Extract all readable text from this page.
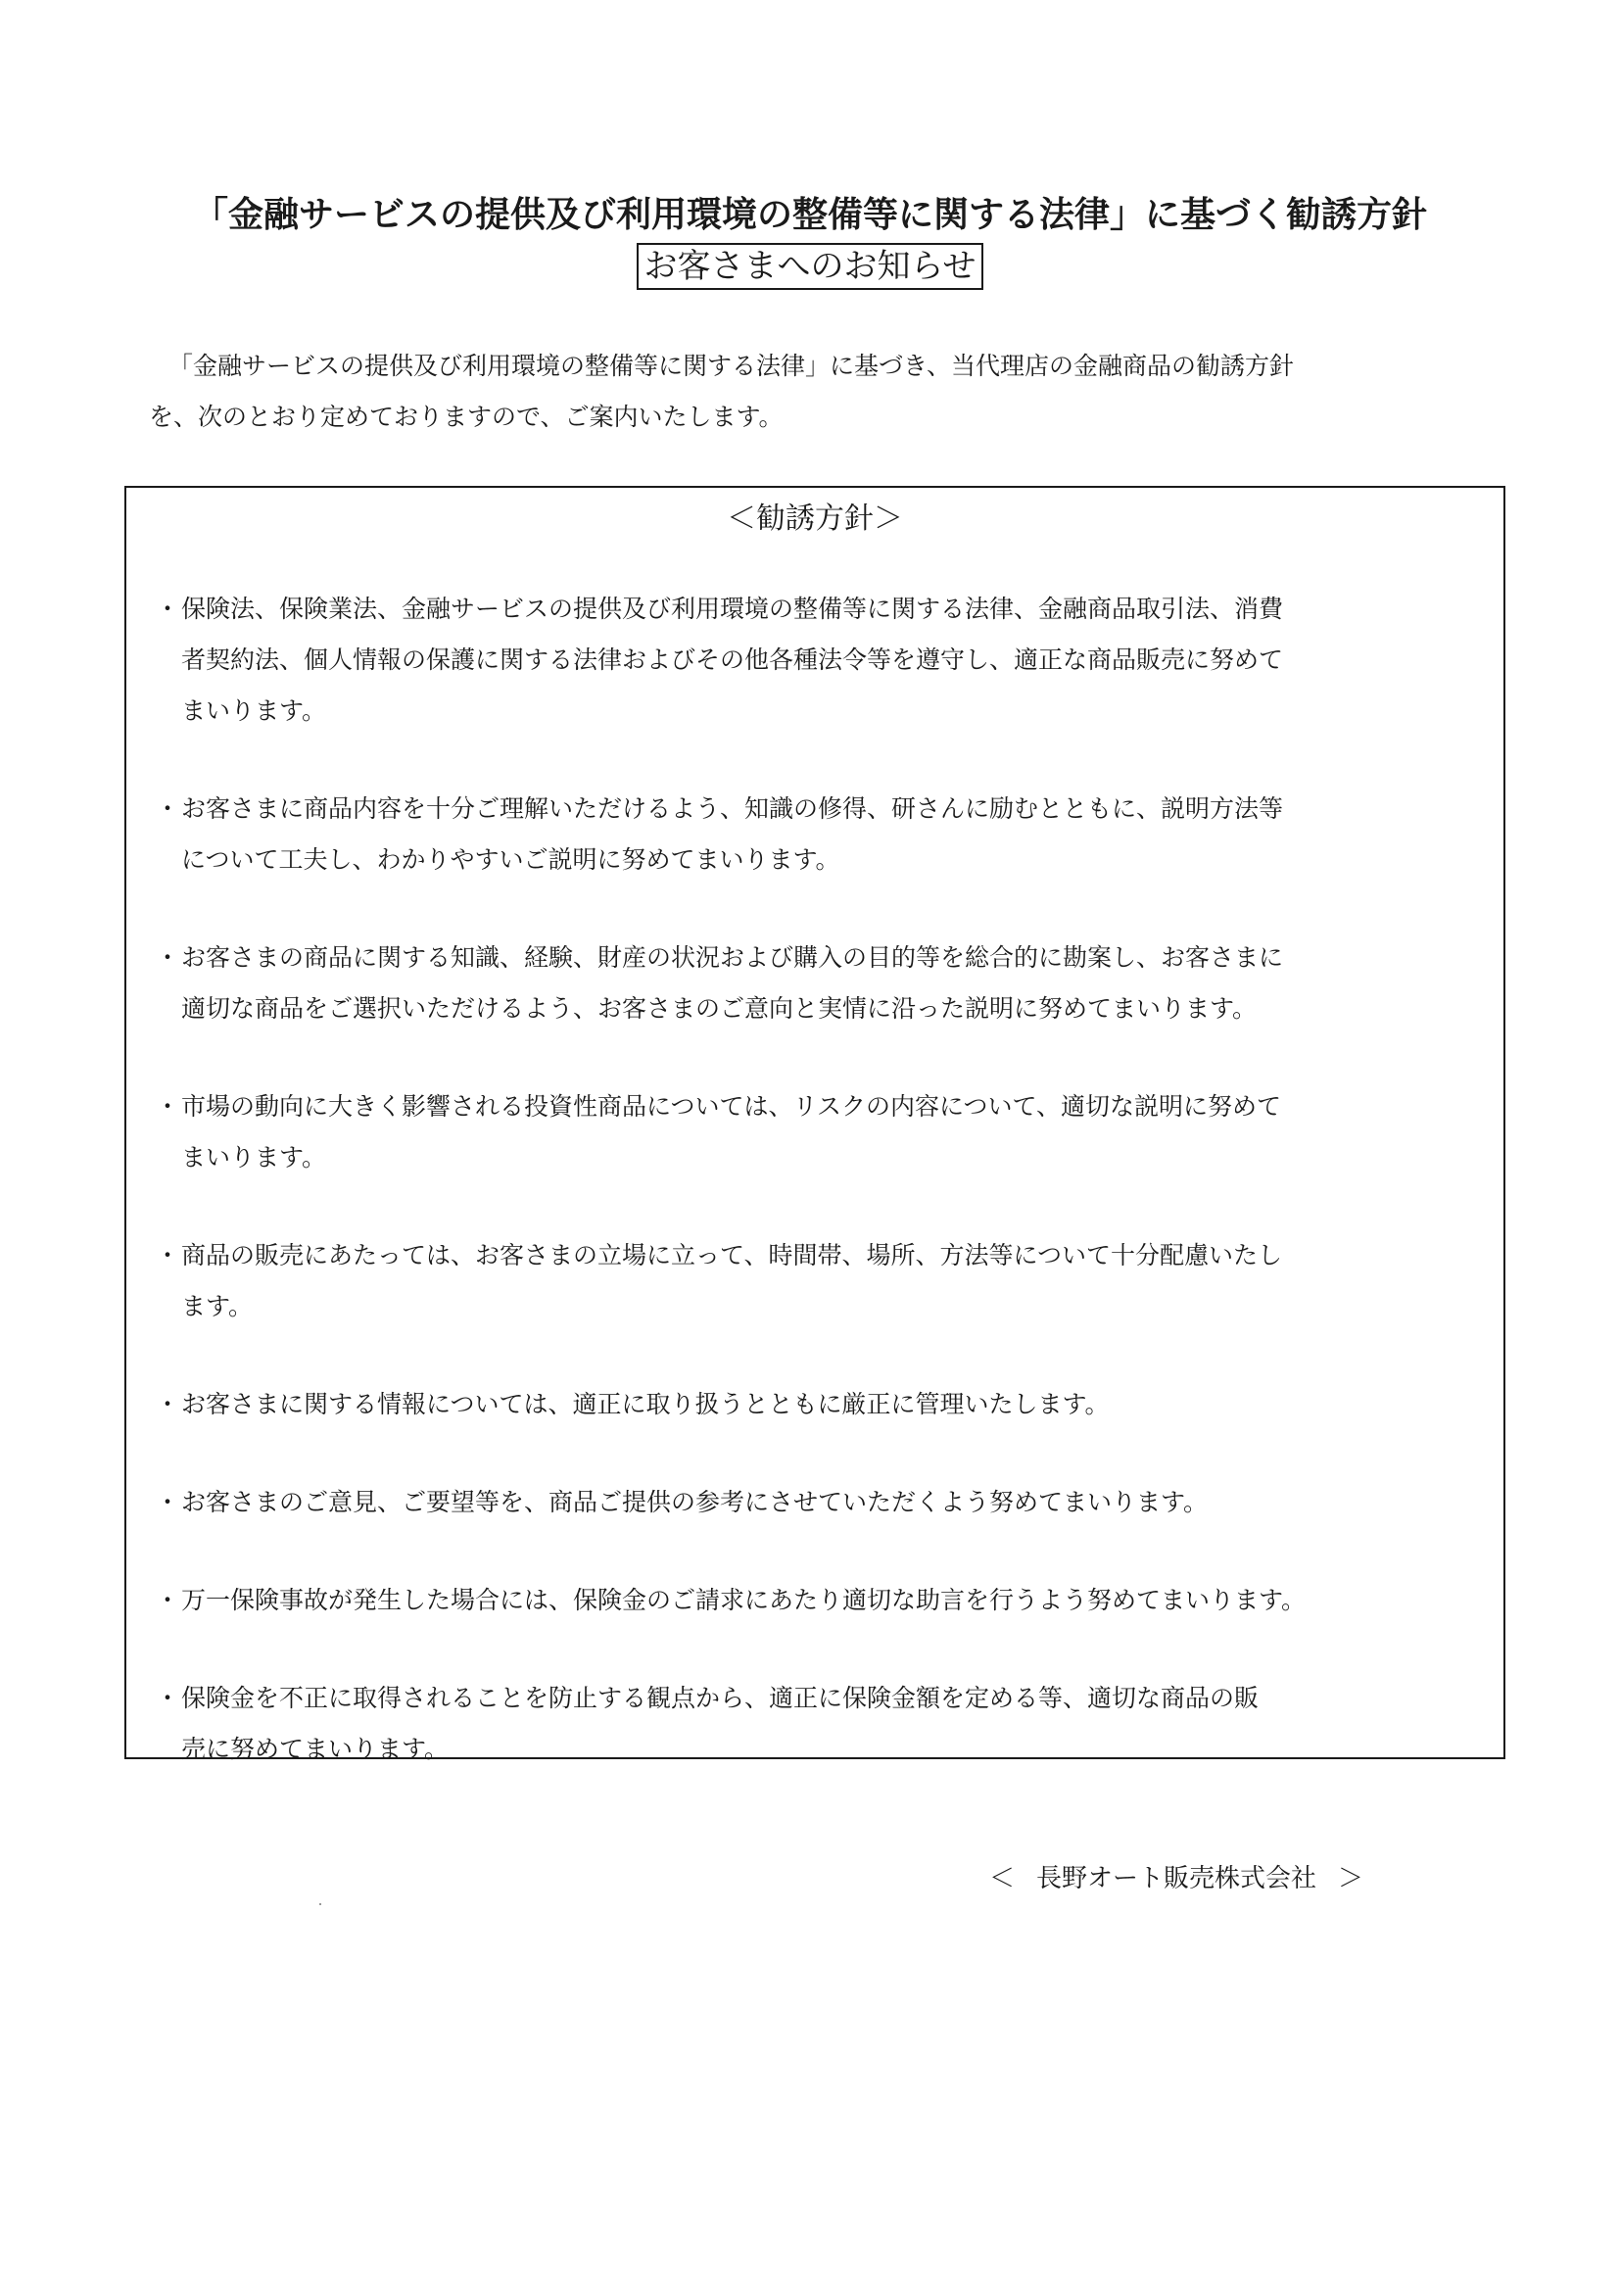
「金融サービスの提供及び利用環境の整備等に関する法律」に基づく勧誘方針
お客さまへのお知らせ

「金融サービスの提供及び利用環境の整備等に関する法律」に基づき、当代理店の金融商品の勧誘方針

を、次のとおり定めておりますので、ご案内いたします。

＜勧誘方針＞
・ 保険法、保険業法、金融サービスの提供及び利用環境の整備等に関する法律、金融商品取引法、消費
者契約法、個人情報の保護に関する法律およびその他各種法令等を遵守し、適正な商品販売に努めて
まいります。
・ お客さまに商品内容を十分ご理解いただけるよう、知識の修得、研さんに励むとともに、説明方法等
について工夫し、わかりやすいご説明に努めてまいります。
・ お客さまの商品に関する知識、経験、財産の状況および購入の目的等を総合的に勘案し、お客さまに
適切な商品をご選択いただけるよう、お客さまのご意向と実情に沿った説明に努めてまいります。
・ 市場の動向に大きく影響される投資性商品については、リスクの内容について、適切な説明に努めて
まいります。
・ 商品の販売にあたっては、お客さまの立場に立って、時間帯、場所、方法等について十分配慮いたし
ます。
・ お客さまに関する情報については、適正に取り扱うとともに厳正に管理いたします。
・ お客さまのご意見、ご要望等を、商品ご提供の参考にさせていただくよう努めてまいります。
・ 万一保険事故が発生した場合には、保険金のご請求にあたり適切な助言を行うよう努めてまいります。
・ 保険金を不正に取得されることを防止する観点から、適正に保険金額を定める等、適切な商品の販
売に努めてまいります。
＜ 長野オート販売株式会社 ＞
